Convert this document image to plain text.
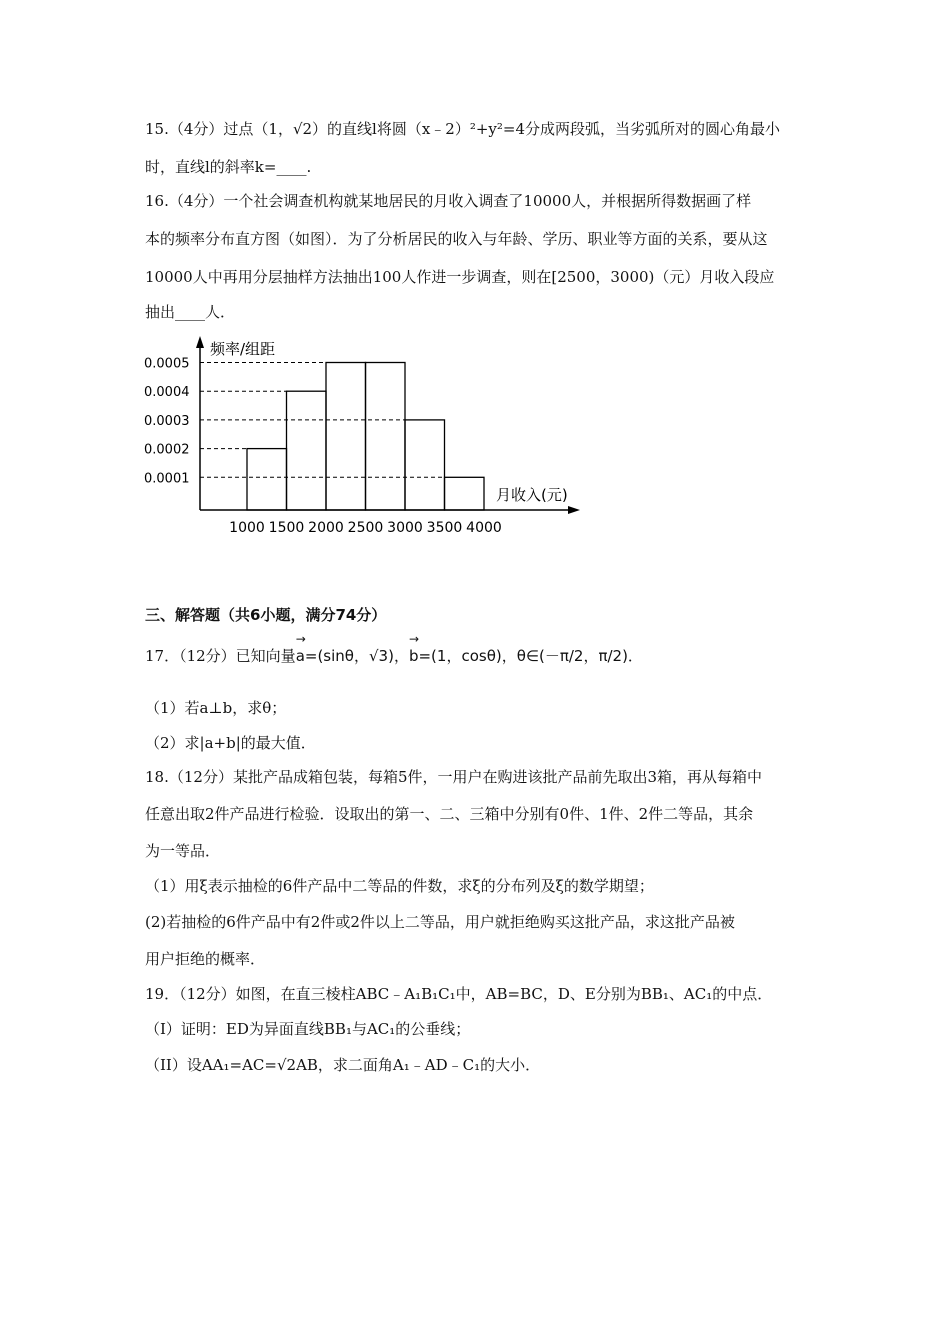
15.（4分）过点（1，√2）的直线l将圆（x﹣2）²+y²=4分成两段弧，当劣弧所对的圆心角最小
时，直线l的斜率k=____.
16.（4分）一个社会调查机构就某地居民的月收入调查了10000人，并根据所得数据画了样
本的频率分布直方图（如图）．为了分析居民的收入与年龄、学历、职业等方面的关系，要从这
10000人中再用分层抽样方法抽出100人作进一步调查，则在[2500，3000)（元）月收入段应
抽出____人．
0.0001
0.0002
0.0003
0.0004
0.0005
1000 1500 2000 2500 3000 3500 4000
频率/组距
月收入(元)
三、解答题（共6小题，满分74分）
17．（12分）已知向量→ a=(sinθ，√3)，→ b=(1，cosθ)，θ∈(－π/2，π/2)．
（1）若a⊥b，求θ；
（2）求|a+b|的最大值．
18.（12分）某批产品成箱包装，每箱5件，一用户在购进该批产品前先取出3箱，再从每箱中
任意出取2件产品进行检验．设取出的第一、二、三箱中分别有0件、1件、2件二等品，其余
为一等品．
（1）用ξ表示抽检的6件产品中二等品的件数，求ξ的分布列及ξ的数学期望；
(2)若抽检的6件产品中有2件或2件以上二等品，用户就拒绝购买这批产品，求这批产品被
用户拒绝的概率．
19．（12分）如图，在直三棱柱ABC﹣A₁B₁C₁中，AB=BC，D、E分别为BB₁、AC₁的中点．
（I）证明：ED为异面直线BB₁与AC₁的公垂线；
（II）设AA₁=AC=√2AB，求二面角A₁﹣AD﹣C₁的大小．
